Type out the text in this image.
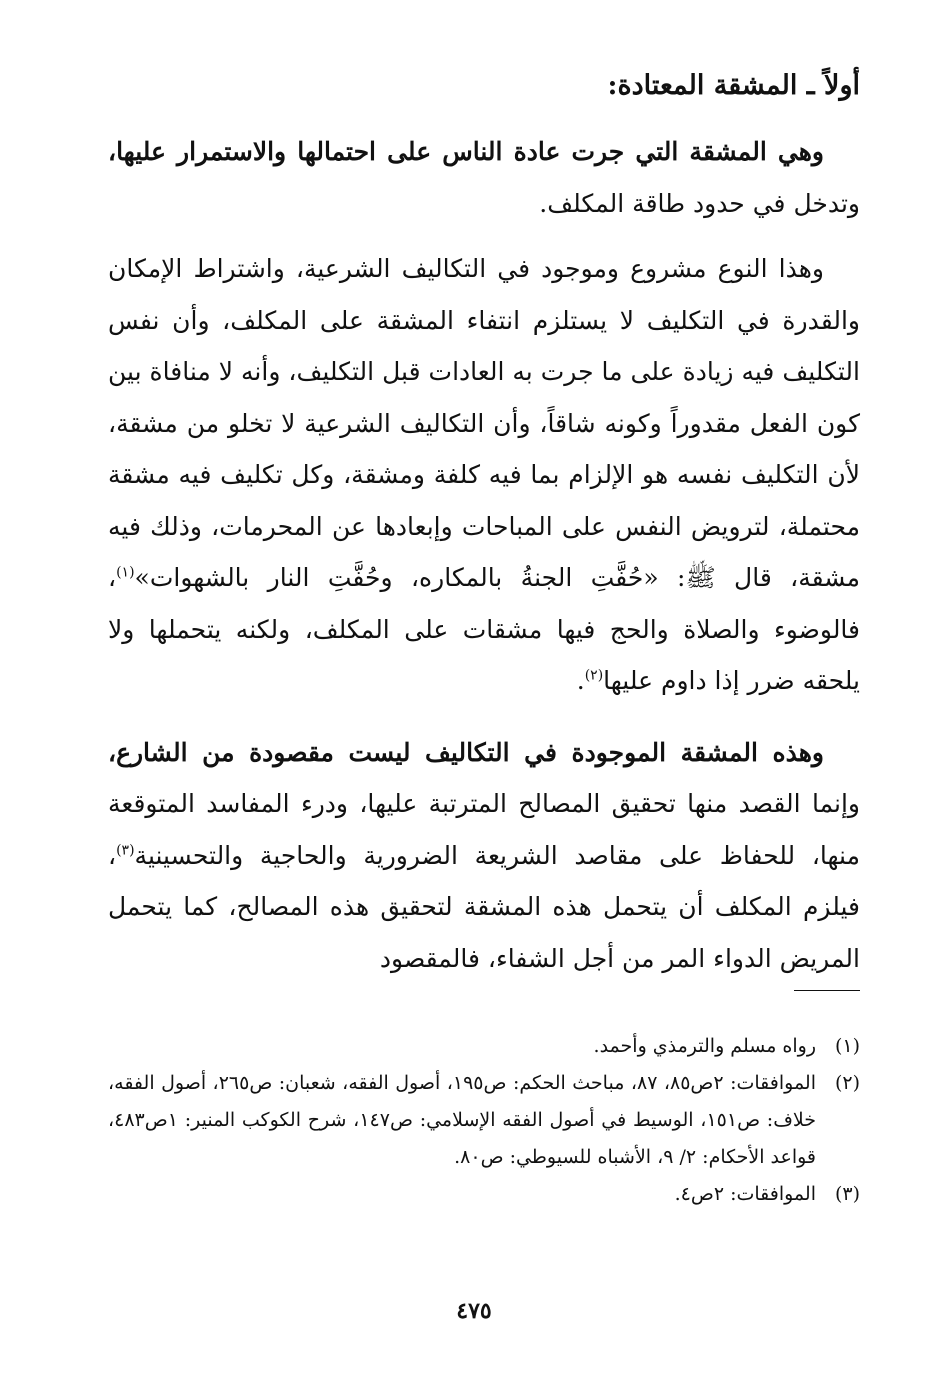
أولاً ـ المشقة المعتادة:

وهي المشقة التي جرت عادة الناس على احتمالها والاستمرار عليها، وتدخل في حدود طاقة المكلف.

وهذا النوع مشروع وموجود في التكاليف الشرعية، واشتراط الإمكان والقدرة في التكليف لا يستلزم انتفاء المشقة على المكلف، وأن نفس التكليف فيه زيادة على ما جرت به العادات قبل التكليف، وأنه لا منافاة بين كون الفعل مقدوراً وكونه شاقاً، وأن التكاليف الشرعية لا تخلو من مشقة، لأن التكليف نفسه هو الإلزام بما فيه كلفة ومشقة، وكل تكليف فيه مشقة محتملة، لترويض النفس على المباحات وإبعادها عن المحرمات، وذلك فيه مشقة، قال ﷺ: «حُفَّتِ الجنةُ بالمكاره، وحُفَّتِ النار بالشهوات»$^{(١)}$، فالوضوء والصلاة والحج فيها مشقات على المكلف، ولكنه يتحملها ولا يلحقه ضرر إذا داوم عليها$^{(٢)}$.

وهذه المشقة الموجودة في التكاليف ليست مقصودة من الشارع، وإنما القصد منها تحقيق المصالح المترتبة عليها، ودرء المفاسد المتوقعة منها، للحفاظ على مقاصد الشريعة الضرورية والحاجية والتحسينية$^{(٣)}$، فيلزم المكلف أن يتحمل هذه المشقة لتحقيق هذه المصالح، كما يتحمل المريض الدواء المر من أجل الشفاء، فالمقصود

(١)
رواه مسلم والترمذي وأحمد.
(٢)
الموافقات: ٢ص٨٥، ٨٧، مباحث الحكم: ص١٩٥، أصول الفقه، شعبان: ص٢٦٥، أصول الفقه، خلاف: ص١٥١، الوسيط في أصول الفقه الإسلامي: ص١٤٧، شرح الكوكب المنير: ١ص٤٨٣، قواعد الأحكام: ٢/ ٩، الأشباه للسيوطي: ص٨٠.
(٣)
الموافقات: ٢ص٤.
٤٧٥
